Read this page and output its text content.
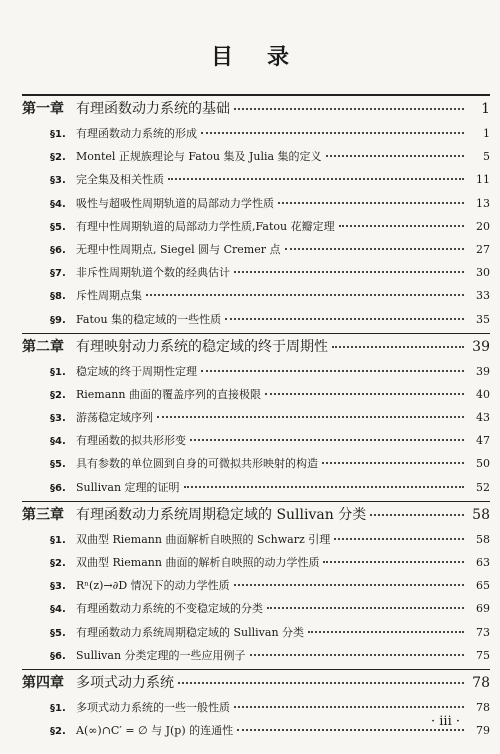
目录
第一章 有理函数动力系统的基础	1
§1. 有理函数动力系统的形成	1
§2. Montel 正规族理论与 Fatou 集及 Julia 集的定义	5
§3. 完全集及相关性质	11
§4. 吸性与超吸性周期轨道的局部动力学性质	13
§5. 有理中性周期轨道的局部动力学性质,Fatou 花瓣定理	20
§6. 无理中性周期点, Siegel 圆与 Cremer 点	27
§7. 非斥性周期轨道个数的经典估计	30
§8. 斥性周期点集	33
§9. Fatou 集的稳定域的一些性质	35
第二章 有理映射动力系统的稳定域的终于周期性	39
§1. 稳定域的终于周期性定理	39
§2. Riemann 曲面的覆盖序列的直接极限	40
§3. 游荡稳定域序列	43
§4. 有理函数的拟共形形变	47
§5. 具有参数的单位圆到自身的可微拟共形映射的构造	50
§6. Sullivan 定理的证明	52
第三章 有理函数动力系统周期稳定域的 Sullivan 分类	58
§1. 双曲型 Riemann 曲面解析自映照的 Schwarz 引理	58
§2. 双曲型 Riemann 曲面的解析自映照的动力学性质	63
§3. Rⁿ(z)→∂D 情况下的动力学性质	65
§4. 有理函数动力系统的不变稳定域的分类	69
§5. 有理函数动力系统周期稳定域的 Sullivan 分类	73
§6. Sullivan 分类定理的一些应用例子	75
第四章 多项式动力系统	78
§1. 多项式动力系统的一些一般性质	78
§2. A(∞)∩C′ = ∅ 与 J(p) 的连通性	79
· iii ·
